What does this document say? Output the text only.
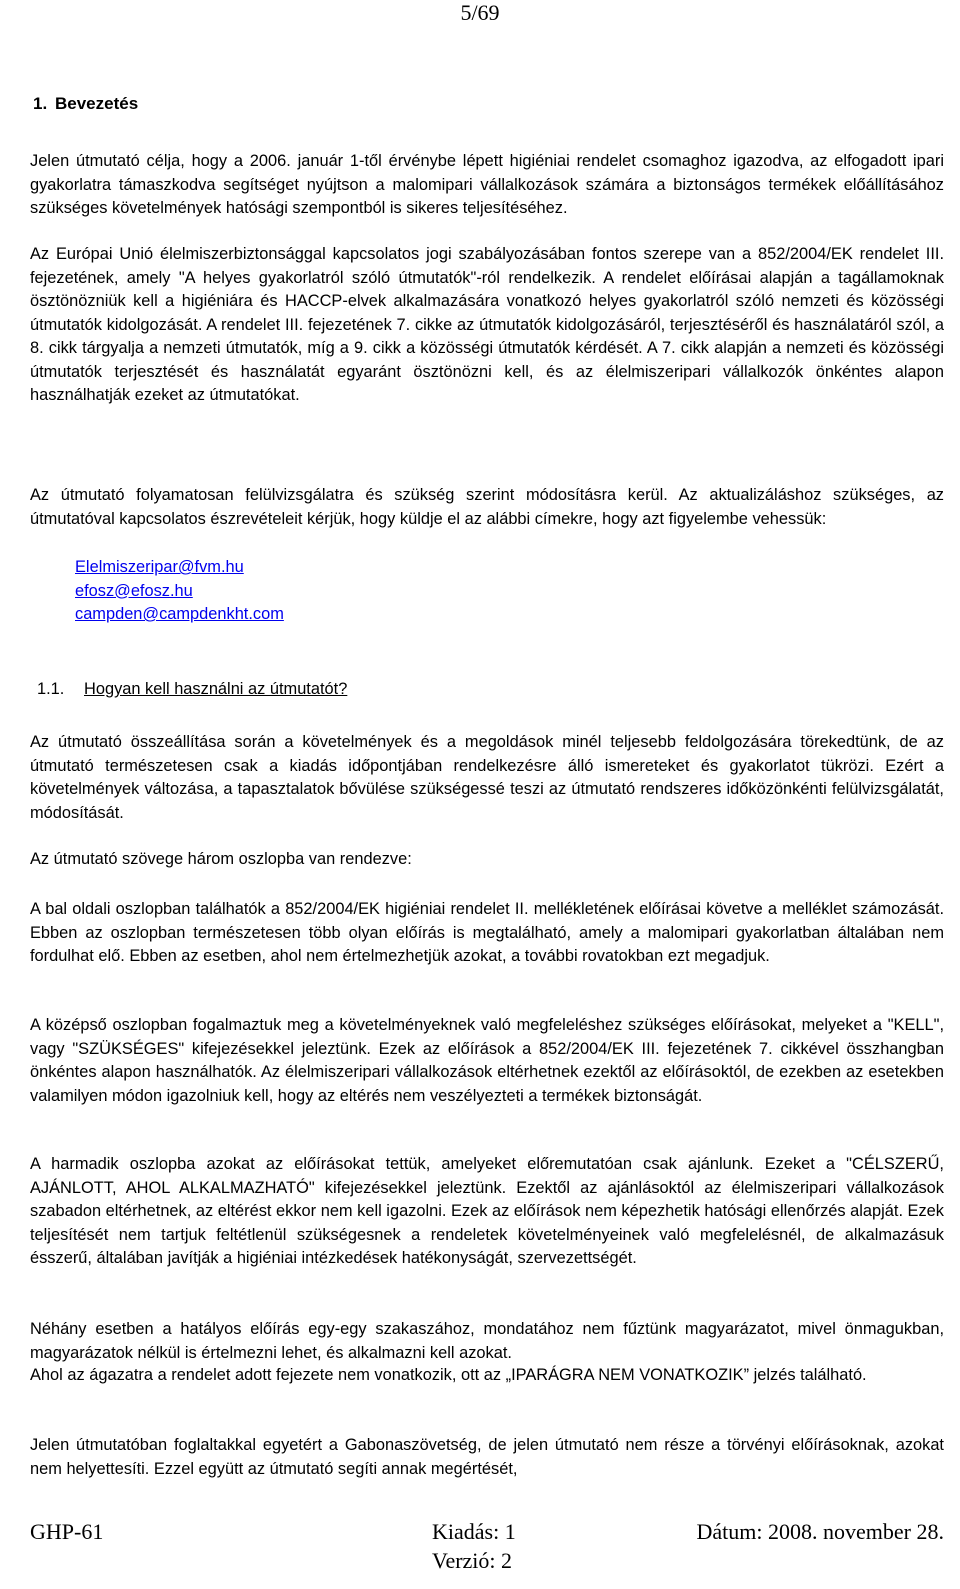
5/69
1. Bevezetés

Jelen útmutató célja, hogy a 2006. január 1-től érvénybe lépett higiéniai rendelet csomaghoz igazodva, az elfogadott ipari gyakorlatra támaszkodva segítséget nyújtson a malomipari vállalkozások számára a biztonságos termékek előállításához szükséges követelmények hatósági szempontból is sikeres teljesítéséhez.

Az Európai Unió élelmiszerbiztonsággal kapcsolatos jogi szabályozásában fontos szerepe van a 852/2004/EK rendelet III. fejezetének, amely "A helyes gyakorlatról szóló útmutatók"-ról rendelkezik. A rendelet előírásai alapján a tagállamoknak ösztönözniük kell a higiéniára és HACCP-elvek alkalmazására vonatkozó helyes gyakorlatról szóló nemzeti és közösségi útmutatók kidolgozását. A rendelet III. fejezetének 7. cikke az útmutatók kidolgozásáról, terjesztéséről és használatáról szól, a 8. cikk tárgyalja a nemzeti útmutatók, míg a 9. cikk a közösségi útmutatók kérdését. A 7. cikk alapján a nemzeti és közösségi útmutatók terjesztését és használatát egyaránt ösztönözni kell, és az élelmiszeripari vállalkozók önkéntes alapon használhatják ezeket az útmutatókat.

Az útmutató folyamatosan felülvizsgálatra és szükség szerint módosításra kerül. Az aktualizáláshoz szükséges, az útmutatóval kapcsolatos észrevételeit kérjük, hogy küldje el az alábbi címekre, hogy azt figyelembe vehessük:

Elelmiszeripar@fvm.hu
efosz@efosz.hu
campden@campdenkht.com
1.1. Hogyan kell használni az útmutatót?

Az útmutató összeállítása során a követelmények és a megoldások minél teljesebb feldolgozására törekedtünk, de az útmutató természetesen csak a kiadás időpontjában rendelkezésre álló ismereteket és gyakorlatot tükrözi. Ezért a követelmények változása, a tapasztalatok bővülése szükségessé teszi az útmutató rendszeres időközönkénti felülvizsgálatát, módosítását.

Az útmutató szövege három oszlopba van rendezve:

A bal oldali oszlopban találhatók a 852/2004/EK higiéniai rendelet II. mellékletének előírásai követve a melléklet számozását. Ebben az oszlopban természetesen több olyan előírás is megtalálható, amely a malomipari gyakorlatban általában nem fordulhat elő. Ebben az esetben, ahol nem értelmezhetjük azokat, a további rovatokban ezt megadjuk.

A középső oszlopban fogalmaztuk meg a követelményeknek való megfeleléshez szükséges előírásokat, melyeket a "KELL", vagy "SZÜKSÉGES" kifejezésekkel jeleztünk. Ezek az előírások a 852/2004/EK III. fejezetének 7. cikkével összhangban önkéntes alapon használhatók. Az élelmiszeripari vállalkozások eltérhetnek ezektől az előírásoktól, de ezekben az esetekben valamilyen módon igazolniuk kell, hogy az eltérés nem veszélyezteti a termékek biztonságát.

A harmadik oszlopba azokat az előírásokat tettük, amelyeket előremutatóan csak ajánlunk. Ezeket a "CÉLSZERŰ, AJÁNLOTT, AHOL ALKALMAZHATÓ" kifejezésekkel jeleztünk. Ezektől az ajánlásoktól az élelmiszeripari vállalkozások szabadon eltérhetnek, az eltérést ekkor nem kell igazolni. Ezek az előírások nem képezhetik hatósági ellenőrzés alapját. Ezek teljesítését nem tartjuk feltétlenül szükségesnek a rendeletek követelményeinek való megfelelésnél, de alkalmazásuk ésszerű, általában javítják a higiéniai intézkedések hatékonyságát, szervezettségét.

Néhány esetben a hatályos előírás egy-egy szakaszához, mondatához nem fűztünk magyarázatot, mivel önmagukban, magyarázatok nélkül is értelmezni lehet, és alkalmazni kell azokat.

Ahol az ágazatra a rendelet adott fejezete nem vonatkozik, ott az „IPARÁGRA NEM VONATKOZIK” jelzés található.

Jelen útmutatóban foglaltakkal egyetért a Gabonaszövetség, de jelen útmutató nem része a törvényi előírásoknak, azokat nem helyettesíti. Ezzel együtt az útmutató segíti annak megértését,

GHP-61	Kiadás: 1
Verzió: 2
Dátum: 2008. november 28.
